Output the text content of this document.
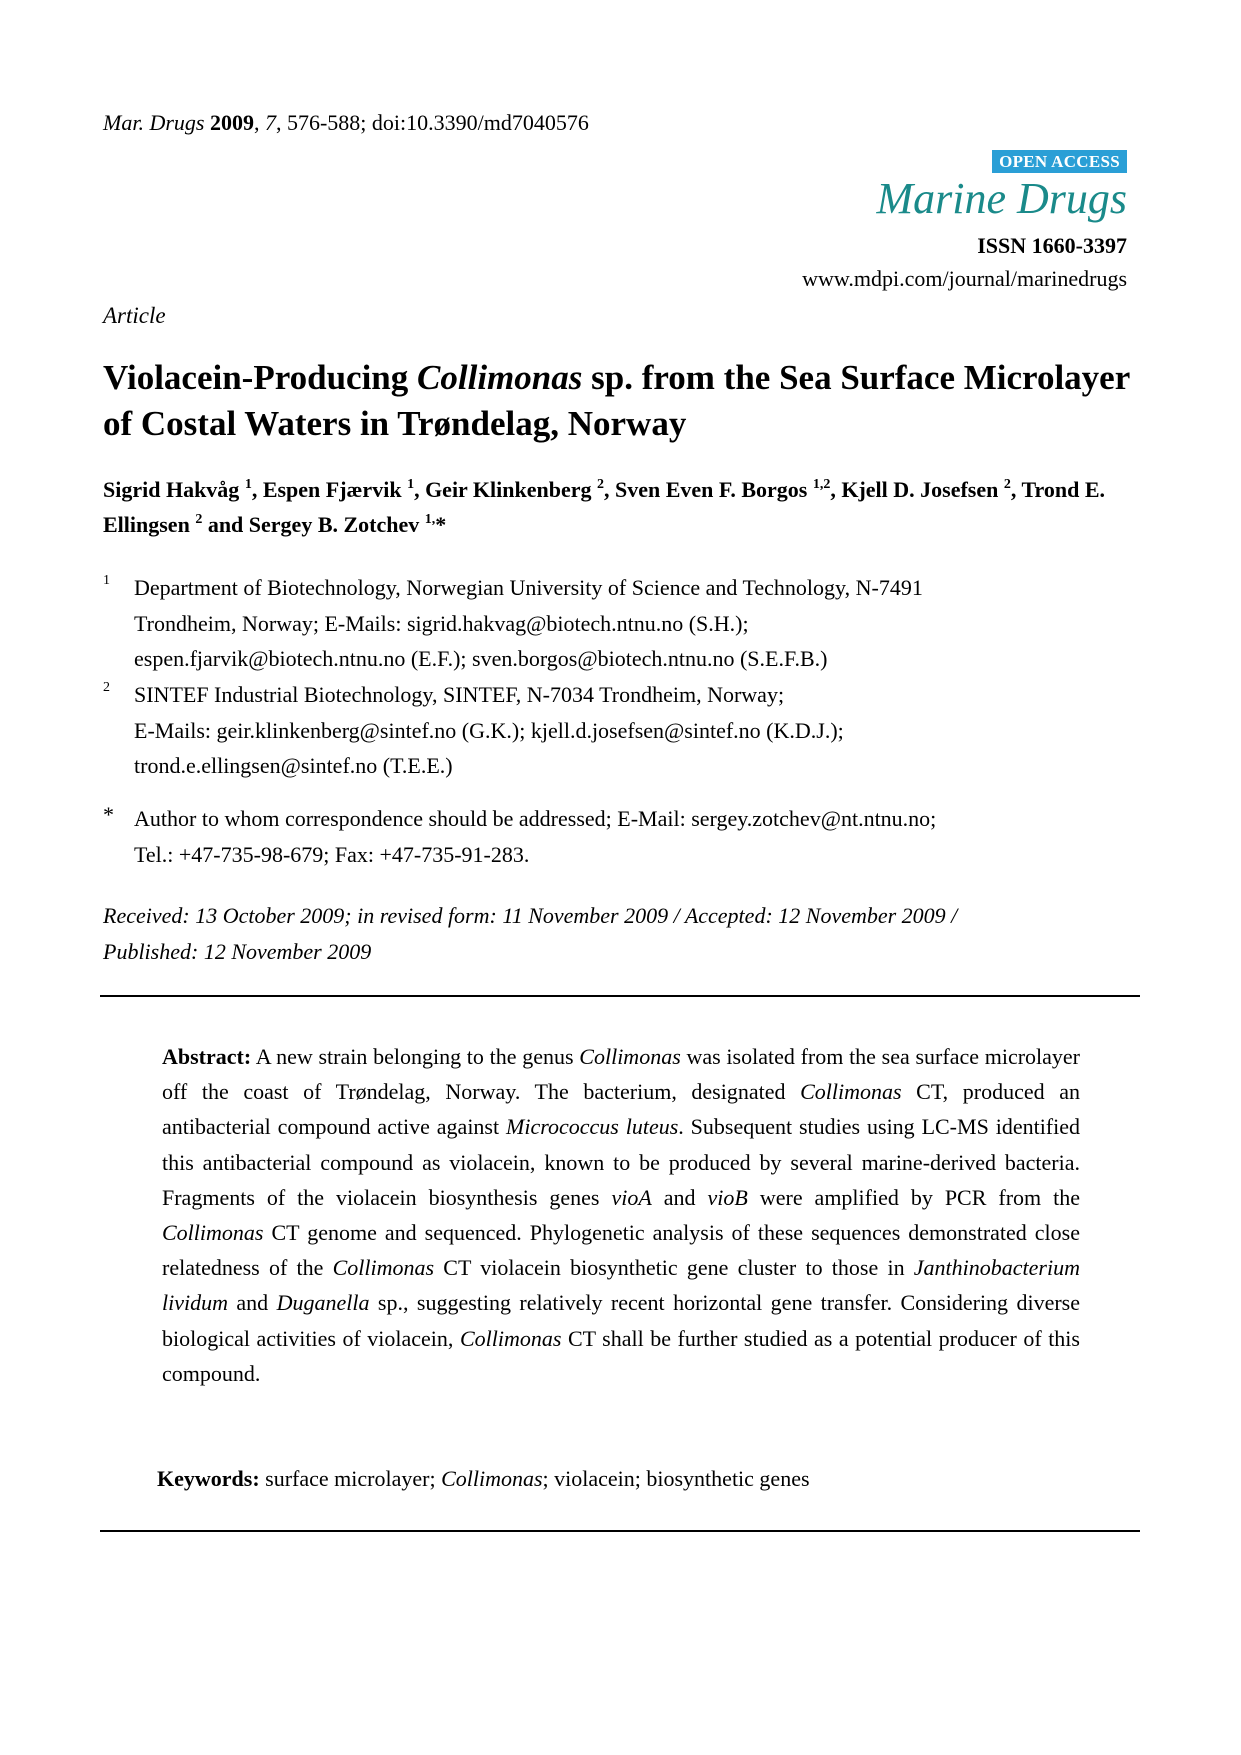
Mar. Drugs 2009, 7, 576-588; doi:10.3390/md7040576
OPEN ACCESS
Marine Drugs
ISSN 1660-3397
www.mdpi.com/journal/marinedrugs
Article
Violacein-Producing Collimonas sp. from the Sea Surface Microlayer of Costal Waters in Trøndelag, Norway
Sigrid Hakvåg $^1$, Espen Fjærvik $^1$, Geir Klinkenberg $^2$, Sven Even F. Borgos $^{1,2}$, Kjell D. Josefsen $^2$, Trond E. Ellingsen $^2$ and Sergey B. Zotchev $^{1,}$*
1 Department of Biotechnology, Norwegian University of Science and Technology, N-7491
Trondheim, Norway; E-Mails: sigrid.hakvag@biotech.ntnu.no (S.H.);
espen.fjarvik@biotech.ntnu.no (E.F.); sven.borgos@biotech.ntnu.no (S.E.F.B.)
2 SINTEF Industrial Biotechnology, SINTEF, N-7034 Trondheim, Norway;
E-Mails: geir.klinkenberg@sintef.no (G.K.); kjell.d.josefsen@sintef.no (K.D.J.);
trond.e.ellingsen@sintef.no (T.E.E.)
* Author to whom correspondence should be addressed; E-Mail: sergey.zotchev@nt.ntnu.no;
Tel.: +47-735-98-679; Fax: +47-735-91-283.
Received: 13 October 2009; in revised form: 11 November 2009 / Accepted: 12 November 2009 /
Published: 12 November 2009
Abstract: A new strain belonging to the genus Collimonas was isolated from the sea surface microlayer off the coast of Trøndelag, Norway. The bacterium, designated Collimonas CT, produced an antibacterial compound active against Micrococcus luteus. Subsequent studies using LC-MS identified this antibacterial compound as violacein, known to be produced by several marine-derived bacteria. Fragments of the violacein biosynthesis genes vioA and vioB were amplified by PCR from the Collimonas CT genome and sequenced. Phylogenetic analysis of these sequences demonstrated close relatedness of the Collimonas CT violacein biosynthetic gene cluster to those in Janthinobacterium lividum and Duganella sp., suggesting relatively recent horizontal gene transfer. Considering diverse biological activities of violacein, Collimonas CT shall be further studied as a potential producer of this compound.
Keywords: surface microlayer; Collimonas; violacein; biosynthetic genes
